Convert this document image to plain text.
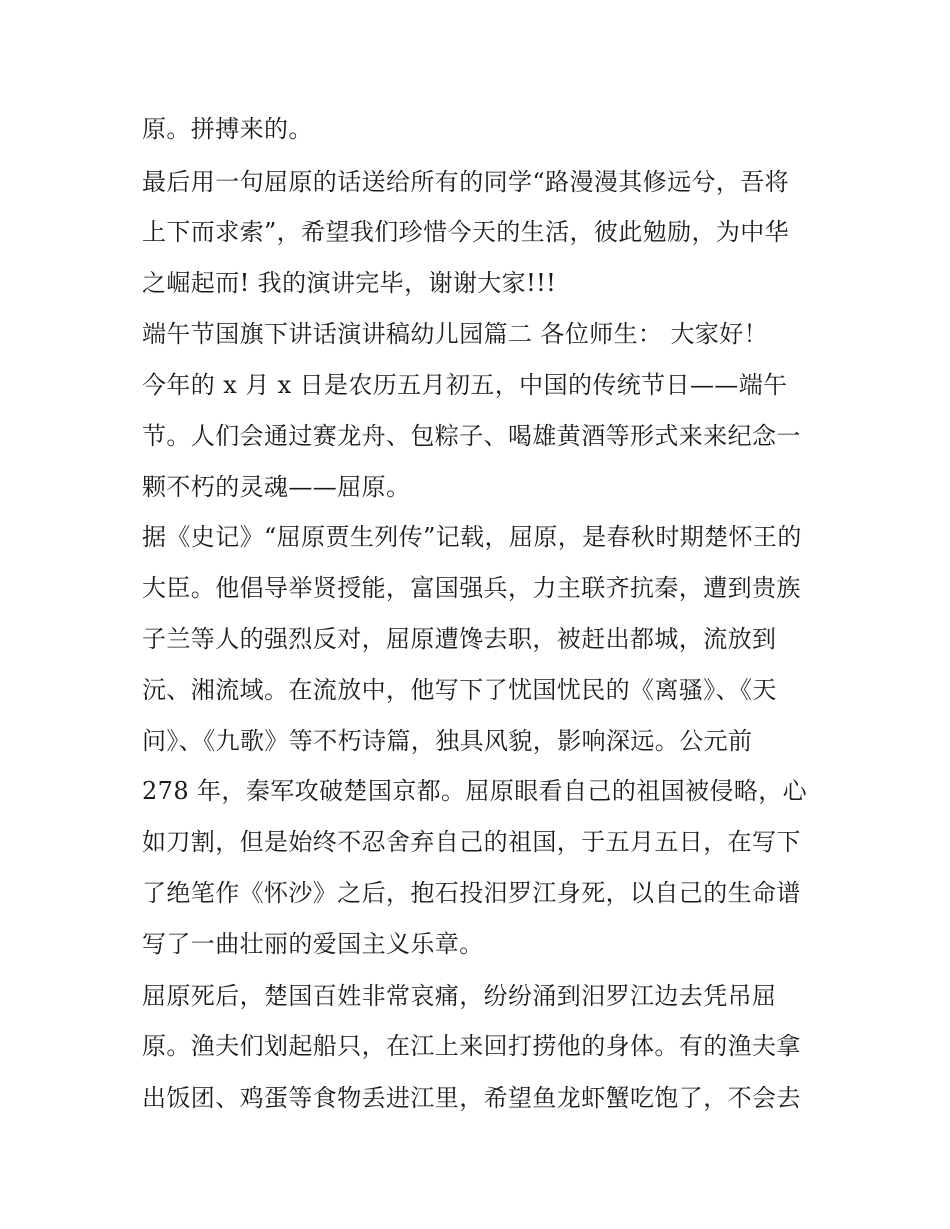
原。拼搏来的。
最后用一句屈原的话送给所有的同学“路漫漫其修远兮，吾将
上下而求索”，希望我们珍惜今天的生活，彼此勉励，为中华
之崛起而! 我的演讲完毕，谢谢大家!!!
端午节国旗下讲话演讲稿幼儿园篇二 各位师生： 大家好！
今年的 x 月 x 日是农历五月初五，中国的传统节日——端午
节。人们会通过赛龙舟、包粽子、喝雄黄酒等形式来来纪念一
颗不朽的灵魂——屈原。
据《史记》“屈原贾生列传”记载，屈原，是春秋时期楚怀王的
大臣。他倡导举贤授能，富国强兵，力主联齐抗秦，遭到贵族
子兰等人的强烈反对，屈原遭馋去职，被赶出都城，流放到
沅、湘流域。在流放中，他写下了忧国忧民的《离骚》、《天
问》、《九歌》等不朽诗篇，独具风貌，影响深远。公元前
278 年，秦军攻破楚国京都。屈原眼看自己的祖国被侵略，心
如刀割，但是始终不忍舍弃自己的祖国，于五月五日，在写下
了绝笔作《怀沙》之后，抱石投汨罗江身死，以自己的生命谱
写了一曲壮丽的爱国主义乐章。
屈原死后，楚国百姓非常哀痛，纷纷涌到汨罗江边去凭吊屈
原。渔夫们划起船只，在江上来回打捞他的身体。有的渔夫拿
出饭团、鸡蛋等食物丢进江里，希望鱼龙虾蟹吃饱了，不会去
